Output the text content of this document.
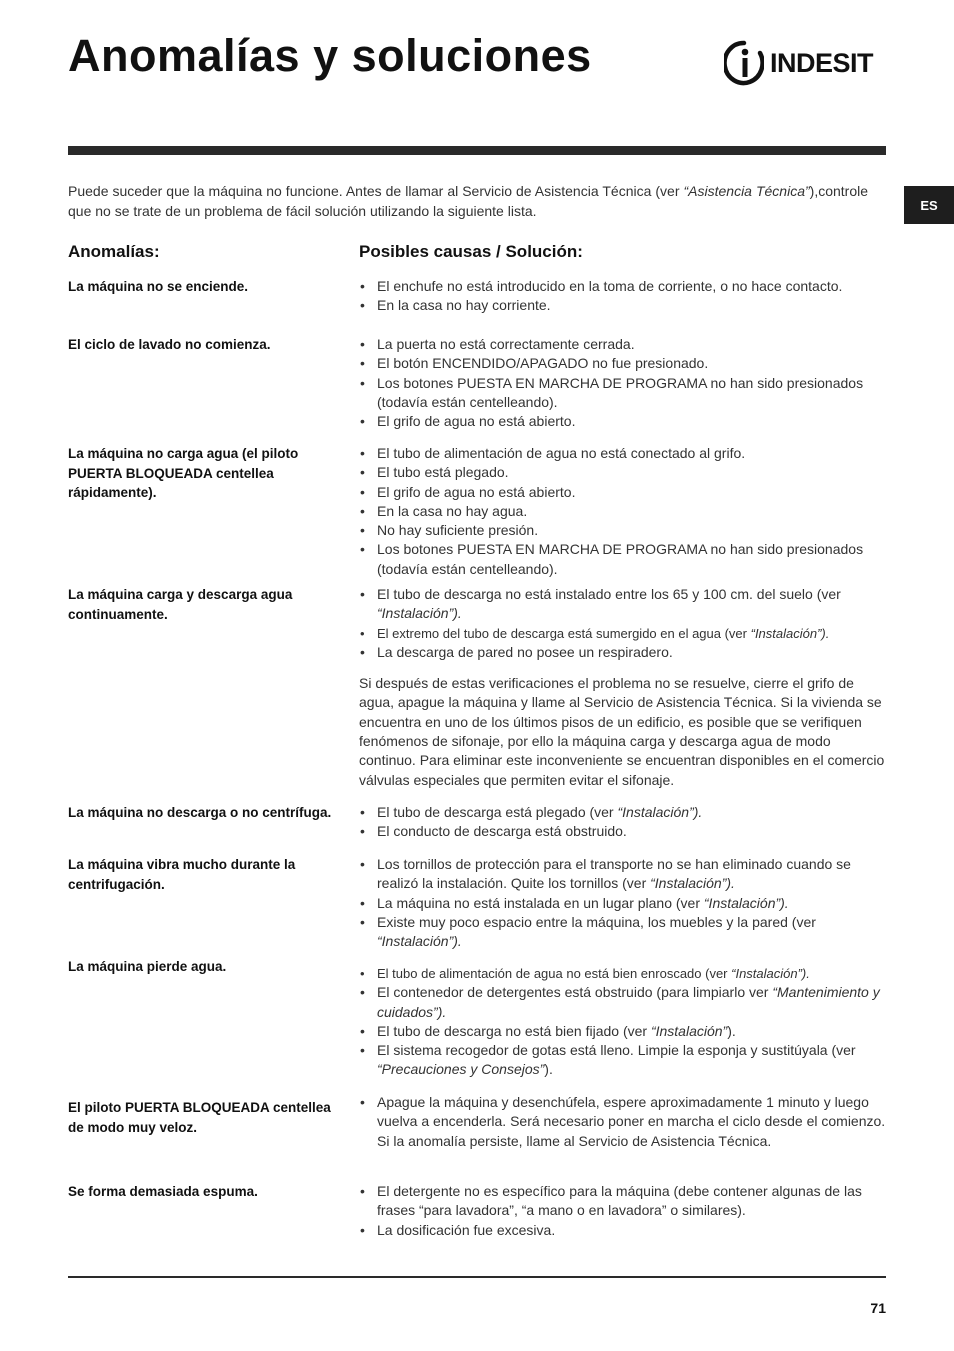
Anomalías y soluciones	INDESIT
ES

Puede suceder que la máquina no funcione. Antes de llamar al Servicio de Asistencia Técnica (ver “Asistencia Técnica”),controle que no se trate de un problema de fácil solución utilizando la siguiente lista.

Anomalías:	Posibles causas / Solución:
La máquina no se enciende.	• El enchufe no está introducido en la toma de corriente, o no hace contacto.
• En la casa no hay corriente.
El ciclo de lavado no comienza.	• La puerta no está correctamente cerrada.
• El botón ENCENDIDO/APAGADO no fue presionado.
• Los botones PUESTA EN MARCHA DE PROGRAMA no han sido presionados (todavía están centelleando).
• El grifo de agua no está abierto.
La máquina no carga agua (el piloto PUERTA BLOQUEADA centellea rápidamente).
• El tubo de alimentación de agua no está conectado al grifo.
• El tubo está plegado.
• El grifo de agua no está abierto.
• En la casa no hay agua.
• No hay suficiente presión.
• Los botones PUESTA EN MARCHA DE PROGRAMA no han sido presionados (todavía están centelleando).
La máquina carga y descarga agua continuamente.
• El tubo de descarga no está instalado entre los 65 y 100 cm. del suelo (ver “Instalación”).
• El extremo del tubo de descarga está sumergido en el agua (ver “Instalación”).
• La descarga de pared no posee un respiradero.

Si después de estas verificaciones el problema no se resuelve, cierre el grifo de agua, apague la máquina y llame al Servicio de Asistencia Técnica. Si la vivienda se encuentra en uno de los últimos pisos de un edificio, es posible que se verifiquen fenómenos de sifonaje, por ello la máquina carga y descarga agua de modo continuo. Para eliminar este inconveniente se encuentran disponibles en el comercio válvulas especiales que permiten evitar el sifonaje.

La máquina no descarga o no centrífuga.	• El tubo de descarga está plegado (ver “Instalación”).
• El conducto de descarga está obstruido.
La máquina vibra mucho durante la centrifugación.
• Los tornillos de protección para el transporte no se han eliminado cuando se realizó la instalación. Quite los tornillos (ver “Instalación”).
• La máquina no está instalada en un lugar plano (ver “Instalación”).
• Existe muy poco espacio entre la máquina, los muebles y la pared (ver “Instalación”).
La máquina pierde agua.	• El tubo de alimentación de agua no está bien enroscado (ver “Instalación”).
• El contenedor de detergentes está obstruido (para limpiarlo ver “Mantenimiento y cuidados”).
• El tubo de descarga no está bien fijado (ver “Instalación”).
• El sistema recogedor de gotas está lleno. Limpie la esponja y sustitúyala (ver “Precauciones y Consejos”).
El piloto PUERTA BLOQUEADA centellea de modo muy veloz.
• Apague la máquina y desenchúfela, espere aproximadamente 1 minuto y luego vuelva a encenderla. Será necesario poner en marcha el ciclo desde el comienzo.
Si la anomalía persiste, llame al Servicio de Asistencia Técnica.
Se forma demasiada espuma.	• El detergente no es específico para la máquina (debe contener algunas de las frases “para lavadora”, “a mano o en lavadora” o similares).
• La dosificación fue excesiva.
71
